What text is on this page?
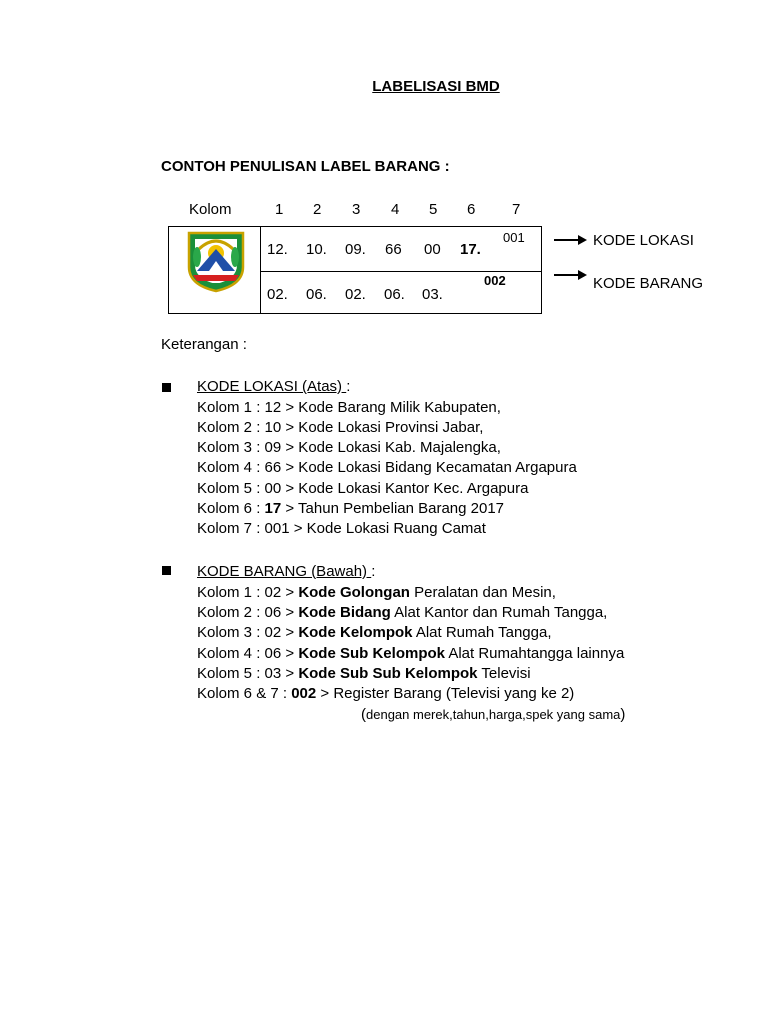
LABELISASI BMD
CONTOH PENULISAN LABEL BARANG :
Kolom	1 2 3 4 5 6 7
12. 10. 09. 66 00 17.
001
02. 06. 02. 06. 03.
002
KODE LOKASI
KODE BARANG
Keterangan :
KODE LOKASI (Atas) :
Kolom 1 : 12 > Kode Barang Milik Kabupaten,
Kolom 2 : 10 > Kode Lokasi Provinsi Jabar,
Kolom 3 : 09 > Kode Lokasi Kab. Majalengka,
Kolom 4 : 66 > Kode Lokasi Bidang Kecamatan Argapura
Kolom 5 : 00 > Kode Lokasi Kantor Kec. Argapura
Kolom 6 : 17 > Tahun Pembelian Barang 2017
Kolom 7 : 001 > Kode Lokasi Ruang Camat
KODE BARANG (Bawah) :
Kolom 1 : 02 > Kode Golongan Peralatan dan Mesin,
Kolom 2 : 06 > Kode Bidang Alat Kantor dan Rumah Tangga,
Kolom 3 : 02 > Kode Kelompok Alat Rumah Tangga,
Kolom 4 : 06 > Kode Sub Kelompok Alat Rumahtangga lainnya
Kolom 5 : 03 > Kode Sub Sub Kelompok Televisi
Kolom 6 & 7 : 002 > Register Barang (Televisi yang ke 2)
(dengan merek,tahun,harga,spek yang sama)
